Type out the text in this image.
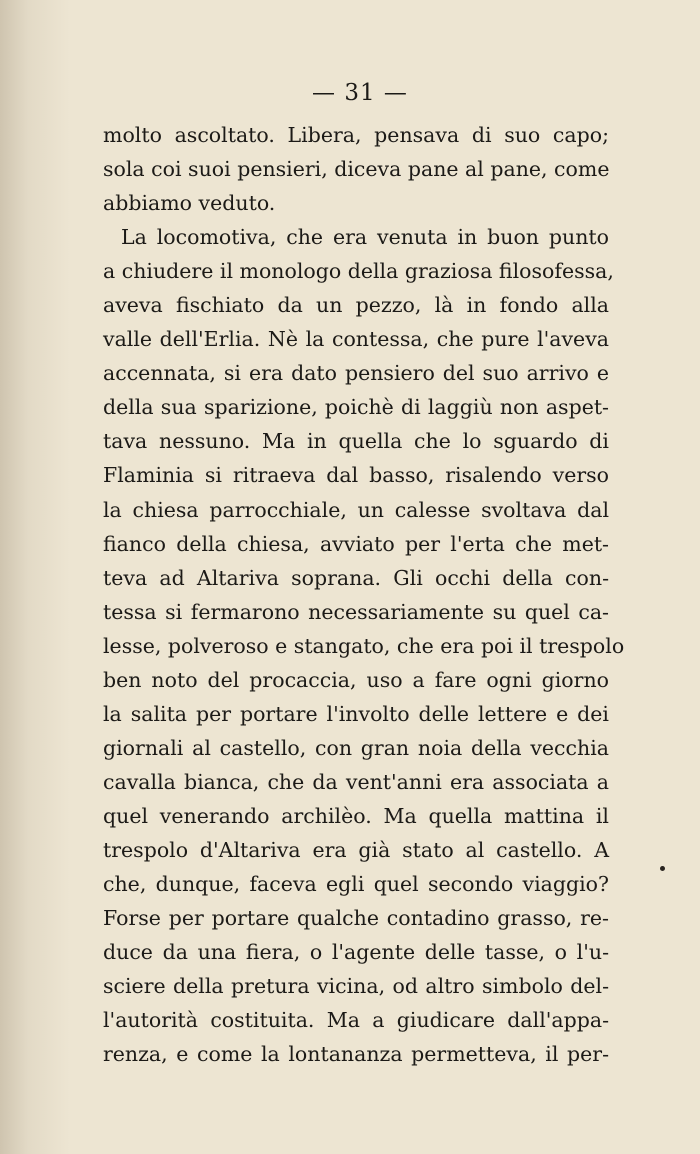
— 31 —
molto ascoltato. Libera, pensava di suo capo;
sola coi suoi pensieri, diceva pane al pane, come
abbiamo veduto.
La locomotiva, che era venuta in buon punto
a chiudere il monologo della graziosa filosofessa,
aveva fischiato da un pezzo, là in fondo alla
valle dell'Erlia. Nè la contessa, che pure l'aveva
accennata, si era dato pensiero del suo arrivo e
della sua sparizione, poichè di laggiù non aspet-
tava nessuno. Ma in quella che lo sguardo di
Flaminia si ritraeva dal basso, risalendo verso
la chiesa parrocchiale, un calesse svoltava dal
fianco della chiesa, avviato per l'erta che met-
teva ad Altariva soprana. Gli occhi della con-
tessa si fermarono necessariamente su quel ca-
lesse, polveroso e stangato, che era poi il trespolo
ben noto del procaccia, uso a fare ogni giorno
la salita per portare l'involto delle lettere e dei
giornali al castello, con gran noia della vecchia
cavalla bianca, che da vent'anni era associata a
quel venerando archilèo. Ma quella mattina il
trespolo d'Altariva era già stato al castello. A
che, dunque, faceva egli quel secondo viaggio?
Forse per portare qualche contadino grasso, re-
duce da una fiera, o l'agente delle tasse, o l'u-
sciere della pretura vicina, od altro simbolo del-
l'autorità costituita. Ma a giudicare dall'appa-
renza, e come la lontananza permetteva, il per-
